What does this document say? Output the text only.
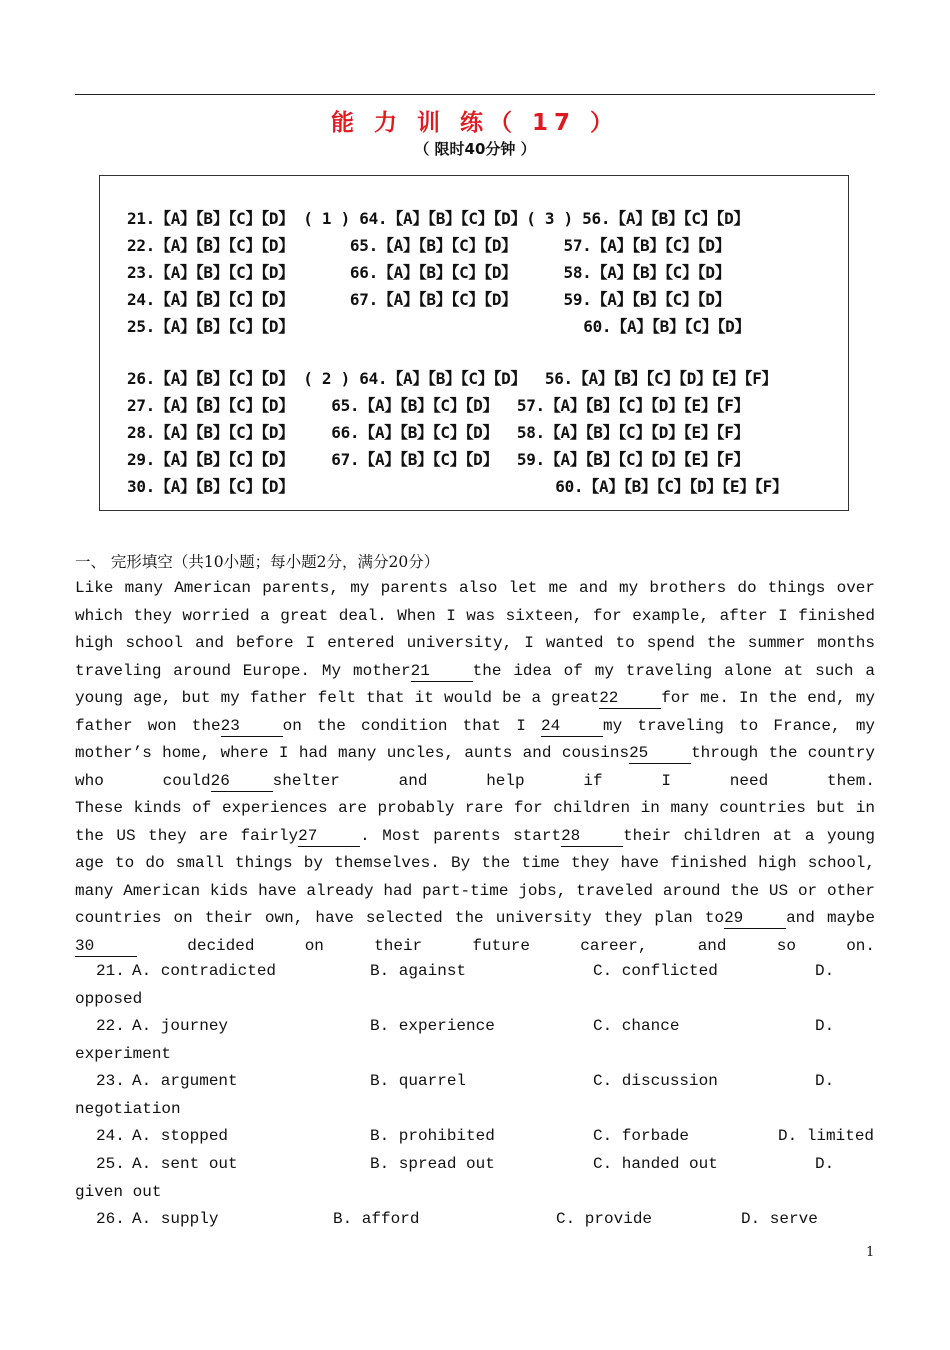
能 力 训 练（ 17 ）
（ 限时40分钟 ）
21.【A】【B】【C】【D】 ( 1 ) 64.【A】【B】【C】【D】( 3 ) 56.【A】【B】【C】【D】
22.【A】【B】【C】【D】      65.【A】【B】【C】【D】     57.【A】【B】【C】【D】
23.【A】【B】【C】【D】      66.【A】【B】【C】【D】     58.【A】【B】【C】【D】
24.【A】【B】【C】【D】      67.【A】【B】【C】【D】     59.【A】【B】【C】【D】
25.【A】【B】【C】【D】                               60.【A】【B】【C】【D】
26.【A】【B】【C】【D】 ( 2 ) 64.【A】【B】【C】【D】  56.【A】【B】【C】【D】【E】【F】
27.【A】【B】【C】【D】    65.【A】【B】【C】【D】  57.【A】【B】【C】【D】【E】【F】
28.【A】【B】【C】【D】    66.【A】【B】【C】【D】  58.【A】【B】【C】【D】【E】【F】
29.【A】【B】【C】【D】    67.【A】【B】【C】【D】  59.【A】【B】【C】【D】【E】【F】
30.【A】【B】【C】【D】                            60.【A】【B】【C】【D】【E】【F】
一、 完形填空（共10小题；每小题2分，满分20分）

Like many American parents, my parents also let me and my brothers do things over which they worried a great deal. When I was sixteen, for example, after I finished high school and before I entered university, I wanted to spend the summer months traveling around Europe. My mother21	the idea of my traveling alone at such a young age, but my father felt that it would be a great22	for me. In the end, my father won the23	on the condition that I 24	my traveling to France, my mother’s home, where I had many uncles, aunts and cousins25	through the country who could26	shelter and help if I need them.

These kinds of experiences are probably rare for children in many countries but in the US they are fairly27	. Most parents start28	their children at a young age to do small things by themselves. By the time they have finished high school, many American kids have already had part-time jobs, traveled around the US or other countries on their own, have selected the university they plan to29	and maybe30	decided on their future career, and so on.

21.

A. contradicted

	B. against

	C. conflicted

	D.

opposed

22.

A. journey

	B. experience

	C. chance

	D.

experiment

23.

A. argument

	B. quarrel

	C. discussion

	D.

negotiation

24.

A. stopped

	B. prohibited

	C. forbade

	D. limited

25.

A. sent out

	B. spread out

	C. handed out

	D.

given out

26.

A. supply

	B. afford

	C. provide

	D. serve

1
